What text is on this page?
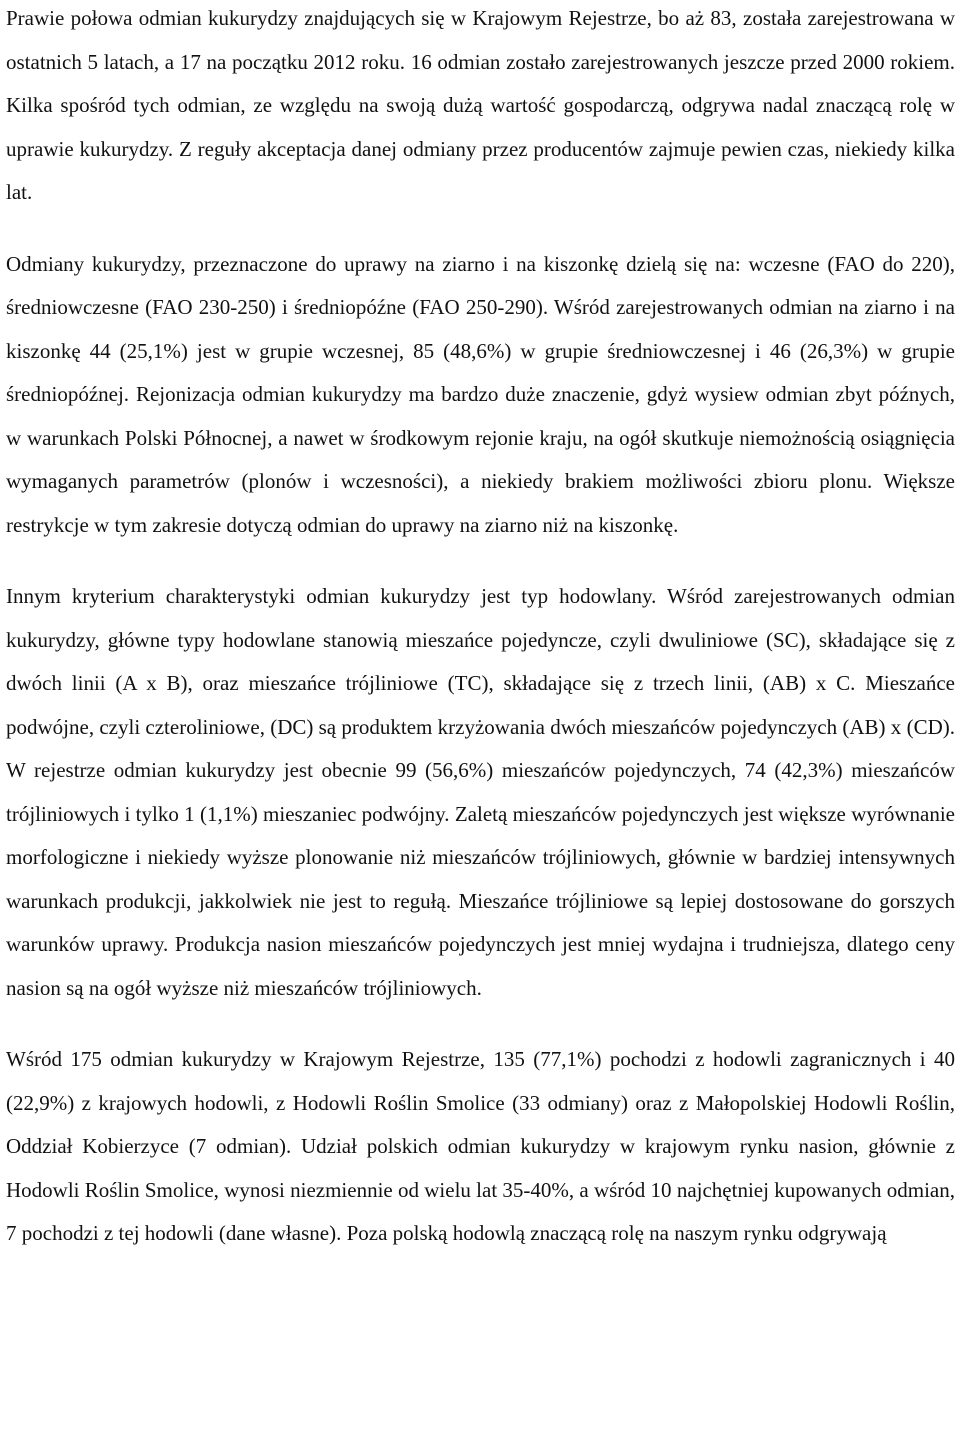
Prawie połowa odmian kukurydzy znajdujących się w Krajowym Rejestrze, bo aż 83, została zarejestrowana w ostatnich 5 latach, a 17 na początku 2012 roku. 16 odmian zostało zarejestrowanych jeszcze przed 2000 rokiem. Kilka spośród tych odmian, ze względu na swoją dużą wartość gospodarczą, odgrywa nadal znaczącą rolę w uprawie kukurydzy. Z reguły akceptacja danej odmiany przez producentów zajmuje pewien czas, niekiedy kilka lat.

Odmiany kukurydzy, przeznaczone do uprawy na ziarno i na kiszonkę dzielą się na: wczesne (FAO do 220), średniowczesne (FAO 230-250) i średniopóźne (FAO 250-290). Wśród zarejestrowanych odmian na ziarno i na kiszonkę 44 (25,1%) jest w grupie wczesnej, 85 (48,6%) w grupie średniowczesnej i 46 (26,3%) w grupie średniopóźnej. Rejonizacja odmian kukurydzy ma bardzo duże znaczenie, gdyż wysiew odmian zbyt późnych, w warunkach Polski Północnej, a nawet w środkowym rejonie kraju, na ogół skutkuje niemożnością osiągnięcia wymaganych parametrów (plonów i wczesności), a niekiedy brakiem możliwości zbioru plonu. Większe restrykcje w tym zakresie dotyczą odmian do uprawy na ziarno niż na kiszonkę.

Innym kryterium charakterystyki odmian kukurydzy jest typ hodowlany. Wśród zarejestrowanych odmian kukurydzy, główne typy hodowlane stanowią mieszańce pojedyncze, czyli dwuliniowe (SC), składające się z dwóch linii (A x B), oraz mieszańce trójliniowe (TC), składające się z trzech linii, (AB) x C. Mieszańce podwójne, czyli czteroliniowe, (DC) są produktem krzyżowania dwóch mieszańców pojedynczych (AB) x (CD). W rejestrze odmian kukurydzy jest obecnie 99 (56,6%) mieszańców pojedynczych, 74 (42,3%) mieszańców trójliniowych i tylko 1 (1,1%) mieszaniec podwójny. Zaletą mieszańców pojedynczych jest większe wyrównanie morfologiczne i niekiedy wyższe plonowanie niż mieszańców trójliniowych, głównie w bardziej intensywnych warunkach produkcji, jakkolwiek nie jest to regułą. Mieszańce trójliniowe są lepiej dostosowane do gorszych warunków uprawy. Produkcja nasion mieszańców pojedynczych jest mniej wydajna i trudniejsza, dlatego ceny nasion są na ogół wyższe niż mieszańców trójliniowych.

Wśród 175 odmian kukurydzy w Krajowym Rejestrze, 135 (77,1%) pochodzi z hodowli zagranicznych i 40 (22,9%) z krajowych hodowli, z Hodowli Roślin Smolice (33 odmiany) oraz z Małopolskiej Hodowli Roślin, Oddział Kobierzyce (7 odmian). Udział polskich odmian kukurydzy w krajowym rynku nasion, głównie z Hodowli Roślin Smolice, wynosi niezmiennie od wielu lat 35-40%, a wśród 10 najchętniej kupowanych odmian, 7 pochodzi z tej hodowli (dane własne). Poza polską hodowlą znaczącą rolę na naszym rynku odgrywają
